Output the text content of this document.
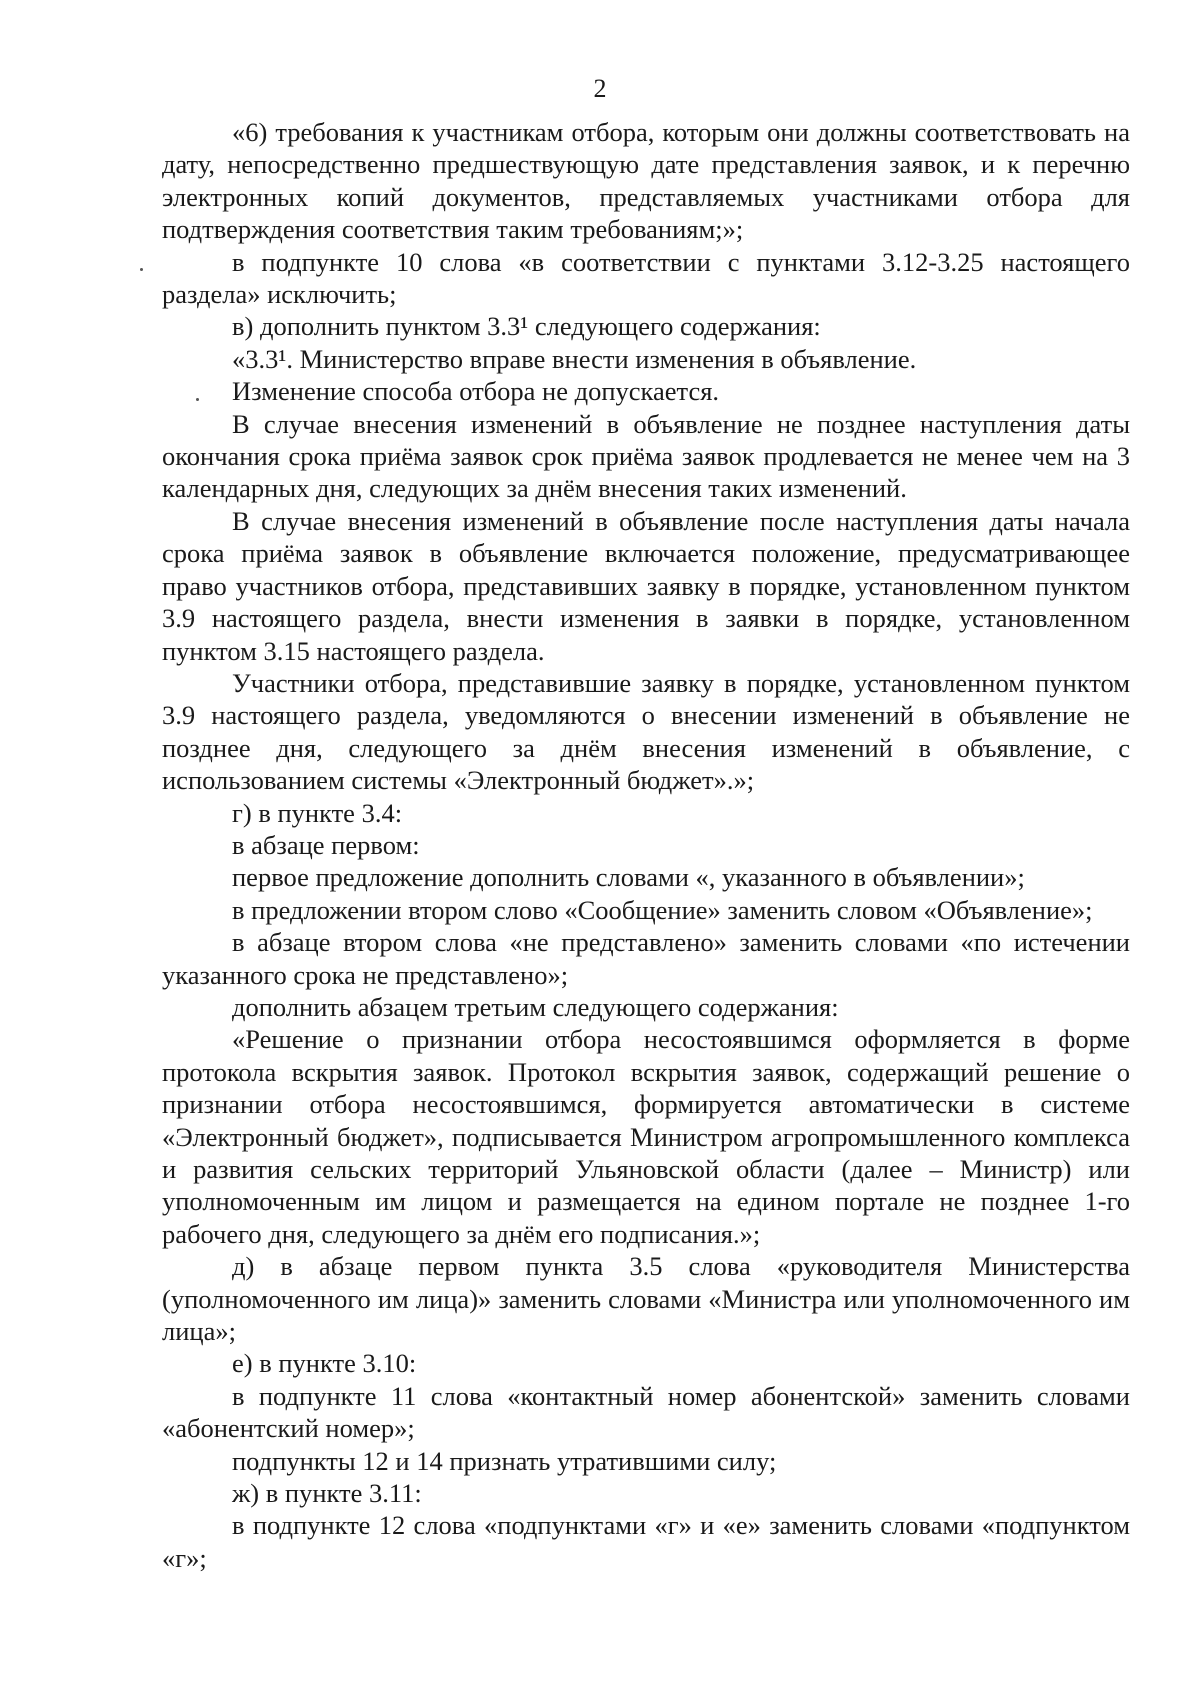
2

«6) требования к участникам отбора, которым они должны соответствовать на дату, непосредственно предшествующую дате представления заявок, и к перечню электронных копий документов, представляемых участниками отбора для подтверждения соответствия таким требованиям;»;

в подпункте 10 слова «в соответствии с пунктами 3.12-3.25 настоящего раздела» исключить;

в) дополнить пунктом 3.3¹ следующего содержания:

«3.3¹. Министерство вправе внести изменения в объявление.

Изменение способа отбора не допускается.

В случае внесения изменений в объявление не позднее наступления даты окончания срока приёма заявок срок приёма заявок продлевается не менее чем на 3 календарных дня, следующих за днём внесения таких изменений.

В случае внесения изменений в объявление после наступления даты начала срока приёма заявок в объявление включается положение, предусматривающее право участников отбора, представивших заявку в порядке, установленном пунктом 3.9 настоящего раздела, внести изменения в заявки в порядке, установленном пунктом 3.15 настоящего раздела.

Участники отбора, представившие заявку в порядке, установленном пунктом 3.9 настоящего раздела, уведомляются о внесении изменений в объявление не позднее дня, следующего за днём внесения изменений в объявление, с использованием системы «Электронный бюджет».»;

г) в пункте 3.4:

в абзаце первом:

первое предложение дополнить словами «, указанного в объявлении»;

в предложении втором слово «Сообщение» заменить словом «Объявление»;

в абзаце втором слова «не представлено» заменить словами «по истечении указанного срока не представлено»;

дополнить абзацем третьим следующего содержания:

«Решение о признании отбора несостоявшимся оформляется в форме протокола вскрытия заявок. Протокол вскрытия заявок, содержащий решение о признании отбора несостоявшимся, формируется автоматически в системе «Электронный бюджет», подписывается Министром агропромышленного комплекса и развития сельских территорий Ульяновской области (далее – Министр) или уполномоченным им лицом и размещается на едином портале не позднее 1-го рабочего дня, следующего за днём его подписания.»;

д) в абзаце первом пункта 3.5 слова «руководителя Министерства (уполномоченного им лица)» заменить словами «Министра или уполномоченного им лица»;

е) в пункте 3.10:

в подпункте 11 слова «контактный номер абонентской» заменить словами «абонентский номер»;

подпункты 12 и 14 признать утратившими силу;

ж) в пункте 3.11:

в подпункте 12 слова «подпунктами «г» и «е» заменить словами «подпунктом «г»;
